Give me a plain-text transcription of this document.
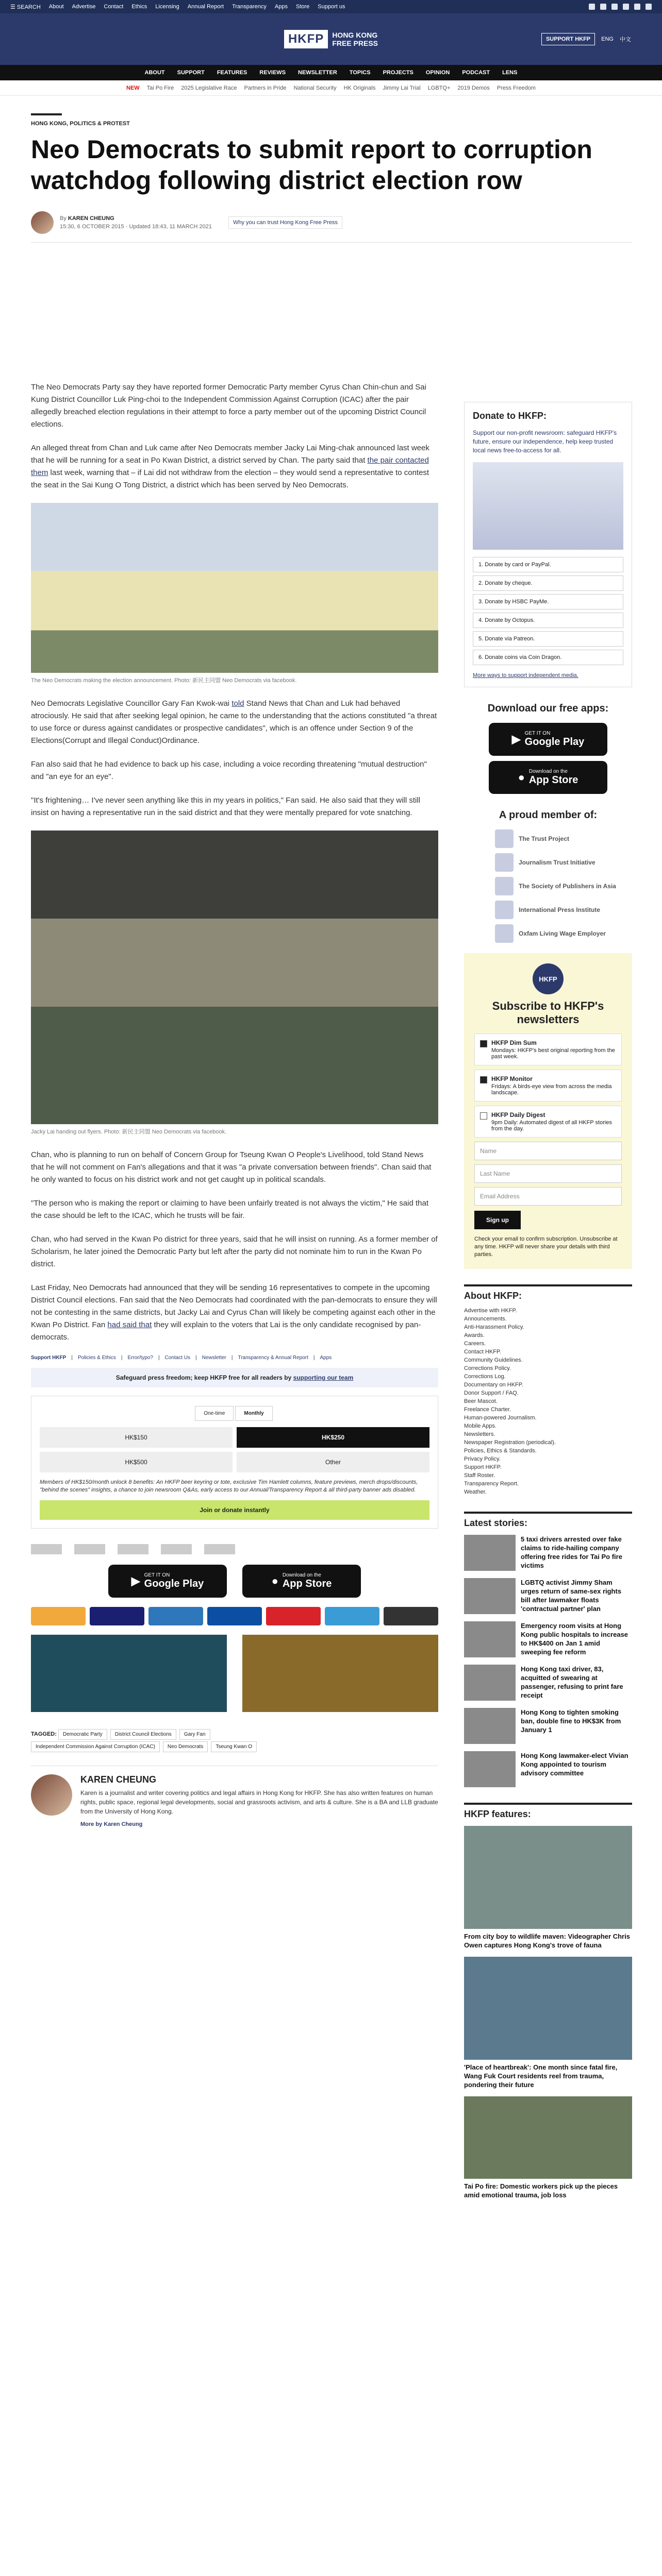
☰ SEARCH About Advertise Contact Ethics Licensing Annual Report Transparency Apps Store Support us
HKFP	HONG KONG
FREE PRESS	SUPPORT HKFP	ENG 中文
ABOUT SUPPORT FEATURES REVIEWS NEWSLETTER TOPICS PROJECTS OPINION PODCAST LENS
NEW Tai Po Fire 2025 Legislative Race Partners in Pride National Security HK Originals Jimmy Lai Trial LGBTQ+ 2019 Demos Press Freedom
HONG KONG, POLITICS & PROTEST
Neo Democrats to submit report to corruption watchdog following district election row
By KAREN CHEUNG
15:30, 6 OCTOBER 2015 · Updated 18:43, 11 MARCH 2021
Why you can trust Hong Kong Free Press

The Neo Democrats Party say they have reported former Democratic Party member Cyrus Chan Chin-chun and Sai Kung District Councillor Luk Ping-choi to the Independent Commission Against Corruption (ICAC) after the pair allegedly breached election regulations in their attempt to force a party member out of the upcoming District Council elections.

An alleged threat from Chan and Luk came after Neo Democrats member Jacky Lai Ming-chak announced last week that he will be running for a seat in Po Kwan District, a district served by Chan. The party said that the pair contacted them last week, warning that – if Lai did not withdraw from the election – they would send a representative to contest the seat in the Sai Kung O Tong District, a district which has been served by Neo Democrats.

The Neo Democrats making the election announcement. Photo: 新民主同盟 Neo Democrats via facebook.

Neo Democrats Legislative Councillor Gary Fan Kwok-wai told Stand News that Chan and Luk had behaved atrociously. He said that after seeking legal opinion, he came to the understanding that the actions constituted "a threat to use force or duress against candidates or prospective candidates", which is an offence under Section 9 of the Elections(Corrupt and Illegal Conduct)Ordinance.

Fan also said that he had evidence to back up his case, including a voice recording threatening "mutual destruction" and "an eye for an eye".

"It's frightening… I've never seen anything like this in my years in politics," Fan said. He also said that they will still insist on having a representative run in the said district and that they were mentally prepared for vote snatching.

Jacky Lai handing out flyers. Photo: 新民主同盟 Neo Democrats via facebook.

Chan, who is planning to run on behalf of Concern Group for Tseung Kwan O People's Livelihood, told Stand News that he will not comment on Fan's allegations and that it was "a private conversation between friends". Chan said that he only wanted to focus on his district work and not get caught up in political scandals.

"The person who is making the report or claiming to have been unfairly treated is not always the victim," He said that the case should be left to the ICAC, which he trusts will be fair.

Chan, who had served in the Kwan Po district for three years, said that he will insist on running. As a former member of Scholarism, he later joined the Democratic Party but left after the party did not nominate him to run in the Kwan Po district.

Last Friday, Neo Democrats had announced that they will be sending 16 representatives to compete in the upcoming District Council elections. Fan said that the Neo Democrats had coordinated with the pan-democrats to ensure they will not be contesting in the same districts, but Jacky Lai and Cyrus Chan will likely be competing against each other in the Kwan Po District. Fan had said that they will explain to the voters that Lai is the only candidate recognised by pan-democrats.

Support HKFP | Policies & Ethics | Error/typo? | Contact Us | Newsletter | Transparency & Annual Report | Apps
Safeguard press freedom; keep HKFP free for all readers by supporting our team
One-time	Monthly
HK$150	HK$250
HK$500	Other

Members of HK$150/month unlock 8 benefits: An HKFP beer keyring or tote, exclusive Tim Hamlett columns, feature previews, merch drops/discounts, "behind the scenes" insights, a chance to join newsroom Q&As, early access to our Annual/Transparency Report & all third-party banner ads disabled.

Join or donate instantly
▶ GET IT ON
Google Play	● Download on the
App Store
TAGGED: Democratic Party District Council Elections Gary Fan
Independent Commission Against Corruption (ICAC) Neo Democrats Tseung Kwan O
KAREN CHEUNG

Karen is a journalist and writer covering politics and legal affairs in Hong Kong for HKFP. She has also written features on human rights, public space, regional legal developments, social and grassroots activism, and arts & culture. She is a BA and LLB graduate from the University of Hong Kong.

More by Karen Cheung
Donate to HKFP:

Support our non-profit newsroom: safeguard HKFP's future, ensure our independence, help keep trusted local news free-to-access for all.

1. Donate by card or PayPal.
2. Donate by cheque.
3. Donate by HSBC PayMe.
4. Donate by Octopus.
5. Donate via Patreon.
6. Donate coins via Coin Dragon.
More ways to support independent media.
Download our free apps:
▶ GET IT ON
Google Play
● Download on the
App Store
A proud member of:
The Trust Project
Journalism Trust Initiative
The Society of Publishers in Asia
International Press Institute
Oxfam Living Wage Employer
HKFP
Subscribe to HKFP's newsletters
HKFP Dim Sum
Mondays: HKFP's best original reporting from the past week.
HKFP Monitor
Fridays: A birds-eye view from across the media landscape.
HKFP Daily Digest
9pm Daily: Automated digest of all HKFP stories from the day.
Name
Last Name
Email Address
Sign up

Check your email to confirm subscription. Unsubscribe at any time. HKFP will never share your details with third parties.

About HKFP:
Advertise with HKFP.
Announcements.
Anti-Harassment Policy.
Awards.
Careers.
Contact HKFP.
Community Guidelines.
Corrections Policy.
Corrections Log.
Documentary on HKFP.
Donor Support / FAQ.
Beer Mascot.
Freelance Charter.
Human-powered Journalism.
Mobile Apps.
Newsletters.
Newspaper Registration (periodical).
Policies, Ethics & Standards.
Privacy Policy.
Support HKFP.
Staff Roster.
Transparency Report.
Weather.
Latest stories:
5 taxi drivers arrested over fake claims to ride-hailing company offering free rides for Tai Po fire victims
LGBTQ activist Jimmy Sham urges return of same-sex rights bill after lawmaker floats 'contractual partner' plan
Emergency room visits at Hong Kong public hospitals to increase to HK$400 on Jan 1 amid sweeping fee reform
Hong Kong taxi driver, 83, acquitted of swearing at passenger, refusing to print fare receipt
Hong Kong to tighten smoking ban, double fine to HK$3K from January 1
Hong Kong lawmaker-elect Vivian Kong appointed to tourism advisory committee
HKFP features:
From city boy to wildlife maven: Videographer Chris Owen captures Hong Kong's trove of fauna
'Place of heartbreak': One month since fatal fire, Wang Fuk Court residents reel from trauma, pondering their future
Tai Po fire: Domestic workers pick up the pieces amid emotional trauma, job loss
